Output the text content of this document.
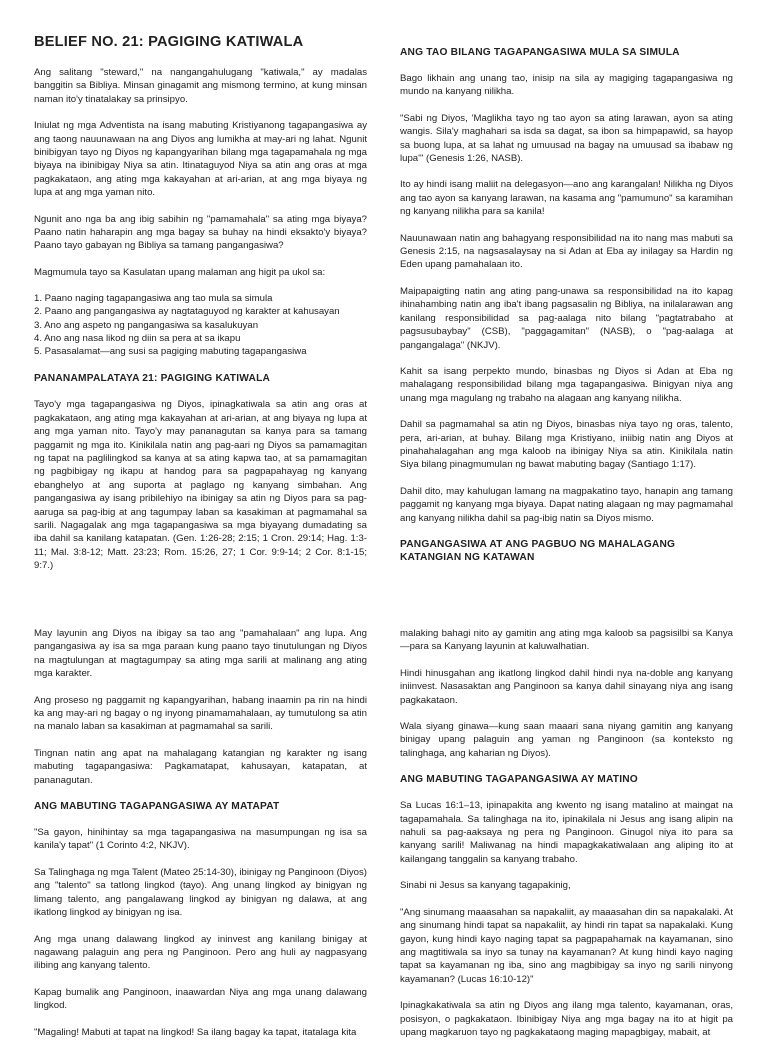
BELIEF NO. 21: PAGIGING KATIWALA

Ang salitang "steward," na nangangahulugang "katiwala," ay madalas banggitin sa Bibliya. Minsan ginagamit ang mismong termino, at kung minsan naman ito'y tinatalakay sa prinsipyo.

Iniulat ng mga Adventista na isang mabuting Kristiyanong tagapangasiwa ay ang taong nauunawaan na ang Diyos ang lumikha at may-ari ng lahat. Ngunit binibigyan tayo ng Diyos ng kapangyarihan bilang mga tagapamahala ng mga biyaya na ibinibigay Niya sa atin. Itinataguyod Niya sa atin ang oras at mga pagkakataon, ang ating mga kakayahan at ari-arian, at ang mga biyaya ng lupa at ang mga yaman nito.

Ngunit ano nga ba ang ibig sabihin ng "pamamahala" sa ating mga biyaya? Paano natin haharapin ang mga bagay sa buhay na hindi eksakto'y biyaya? Paano tayo gabayan ng Bibliya sa tamang pangangasiwa?

Magmumula tayo sa Kasulatan upang malaman ang higit pa ukol sa:

1. Paano naging tagapangasiwa ang tao mula sa simula
2. Paano ang pangangasiwa ay nagtataguyod ng karakter at kahusayan
3. Ano ang aspeto ng pangangasiwa sa kasalukuyan
4. Ano ang nasa likod ng diin sa pera at sa ikapu
5. Pasasalamat—ang susi sa pagiging mabuting tagapangasiwa
PANANAMPALATAYA 21: PAGIGING KATIWALA

Tayo'y mga tagapangasiwa ng Diyos, ipinagkatiwala sa atin ang oras at pagkakataon, ang ating mga kakayahan at ari-arian, at ang biyaya ng lupa at ang mga yaman nito. Tayo'y may pananagutan sa kanya para sa tamang paggamit ng mga ito. Kinikilala natin ang pag-aari ng Diyos sa pamamagitan ng tapat na paglilingkod sa kanya at sa ating kapwa tao, at sa pamamagitan ng pagbibigay ng ikapu at handog para sa pagpapahayag ng kanyang ebanghelyo at ang suporta at paglago ng kanyang simbahan. Ang pangangasiwa ay isang pribilehiyo na ibinigay sa atin ng Diyos para sa pag-aaruga sa pag-ibig at ang tagumpay laban sa kasakiman at pagmamahal sa sarili. Nagagalak ang mga tagapangasiwa sa mga biyayang dumadating sa iba dahil sa kanilang katapatan. (Gen. 1:26-28; 2:15; 1 Cron. 29:14; Hag. 1:3-11; Mal. 3:8-12; Matt. 23:23; Rom. 15:26, 27; 1 Cor. 9:9-14; 2 Cor. 8:1-15; 9:7.)

ANG TAO BILANG TAGAPANGASIWA MULA SA SIMULA

Bago likhain ang unang tao, inisip na sila ay magiging tagapangasiwa ng mundo na kanyang nilikha.

"Sabi ng Diyos, 'Maglikha tayo ng tao ayon sa ating larawan, ayon sa ating wangis. Sila'y maghahari sa isda sa dagat, sa ibon sa himpapawid, sa hayop sa buong lupa, at sa lahat ng umuusad na bagay na umuusad sa ibabaw ng lupa'" (Genesis 1:26, NASB).

Ito ay hindi isang maliit na delegasyon—ano ang karangalan! Nilikha ng Diyos ang tao ayon sa kanyang larawan, na kasama ang "pamumuno" sa karamihan ng kanyang nilikha para sa kanila!

Nauunawaan natin ang bahagyang responsibilidad na ito nang mas mabuti sa Genesis 2:15, na nagsasalaysay na si Adan at Eba ay inilagay sa Hardin ng Eden upang pamahalaan ito.

Maipapaigting natin ang ating pang-unawa sa responsibilidad na ito kapag ihinahambing natin ang iba't ibang pagsasalin ng Bibliya, na inilalarawan ang kanilang responsibilidad sa pag-aalaga nito bilang "pagtatrabaho at pagsusubaybay" (CSB), "paggagamitan" (NASB), o "pag-aalaga at pangangalaga" (NKJV).

Kahit sa isang perpekto mundo, binasbas ng Diyos si Adan at Eba ng mahalagang responsibilidad bilang mga tagapangasiwa. Binigyan niya ang unang mga magulang ng trabaho na alagaan ang kanyang nilikha.

Dahil sa pagmamahal sa atin ng Diyos, binasbas niya tayo ng oras, talento, pera, ari-arian, at buhay. Bilang mga Kristiyano, iniibig natin ang Diyos at pinahahalagahan ang mga kaloob na ibinigay Niya sa atin. Kinikilala natin Siya bilang pinagmumulan ng bawat mabuting bagay (Santiago 1:17).

Dahil dito, may kahulugan lamang na magpakatino tayo, hanapin ang tamang paggamit ng kanyang mga biyaya. Dapat nating alagaan ng may pagmamahal ang kanyang nilikha dahil sa pag-ibig natin sa Diyos mismo.

PANGANGASIWA AT ANG PAGBUO NG MAHALAGANG KATANGIAN NG KATAWAN

May layunin ang Diyos na ibigay sa tao ang "pamahalaan" ang lupa. Ang pangangasiwa ay isa sa mga paraan kung paano tayo tinutulungan ng Diyos na magtulungan at magtagumpay sa ating mga sarili at malinang ang ating mga karakter.

Ang proseso ng paggamit ng kapangyarihan, habang inaamin pa rin na hindi ka ang may-ari ng bagay o ng inyong pinamamahalaan, ay tumutulong sa atin na manalo laban sa kasakiman at pagmamahal sa sarili.

Tingnan natin ang apat na mahalagang katangian ng karakter ng isang mabuting tagapangasiwa: Pagkamatapat, kahusayan, katapatan, at pananagutan.

ANG MABUTING TAGAPANGASIWA AY MATAPAT

"Sa gayon, hinihintay sa mga tagapangasiwa na masumpungan ng isa sa kanila'y tapat" (1 Corinto 4:2, NKJV).

Sa Talinghaga ng mga Talent (Mateo 25:14-30), ibinigay ng Panginoon (Diyos) ang "talento" sa tatlong lingkod (tayo). Ang unang lingkod ay binigyan ng limang talento, ang pangalawang lingkod ay binigyan ng dalawa, at ang ikatlong lingkod ay binigyan ng isa.

Ang mga unang dalawang lingkod ay ininvest ang kanilang binigay at nagawang palaguin ang pera ng Panginoon. Pero ang huli ay nagpasyang ilibing ang kanyang talento.

Kapag bumalik ang Panginoon, inaawardan Niya ang mga unang dalawang lingkod.

"Magaling! Mabuti at tapat na lingkod! Sa ilang bagay ka tapat, itatalaga kita

malaking bahagi nito ay gamitin ang ating mga kaloob sa pagsisilbi sa Kanya—para sa Kanyang layunin at kaluwalhatian.

Hindi hinusgahan ang ikatlong lingkod dahil hindi nya na-doble ang kanyang iniinvest. Nasasaktan ang Panginoon sa kanya dahil sinayang niya ang isang pagkakataon.

Wala siyang ginawa—kung saan maaari sana niyang gamitin ang kanyang binigay upang palaguin ang yaman ng Panginoon (sa konteksto ng talinghaga, ang kaharian ng Diyos).

ANG MABUTING TAGAPANGASIWA AY MATINO

Sa Lucas 16:1–13, ipinapakita ang kwento ng isang matalino at maingat na tagapamahala. Sa talinghaga na ito, ipinakilala ni Jesus ang isang alipin na nahuli sa pag-aaksaya ng pera ng Panginoon. Ginugol niya ito para sa kanyang sarili! Maliwanag na hindi mapagkakatiwalaan ang aliping ito at kailangang tanggalin sa kanyang trabaho.

Sinabi ni Jesus sa kanyang tagapakinig,

"Ang sinumang maaasahan sa napakaliit, ay maaasahan din sa napakalaki. At ang sinumang hindi tapat sa napakaliit, ay hindi rin tapat sa napakalaki. Kung gayon, kung hindi kayo naging tapat sa pagpapahamak na kayamanan, sino ang magtitiwala sa inyo sa tunay na kayamanan? At kung hindi kayo naging tapat sa kayamanan ng iba, sino ang magbibigay sa inyo ng sarili ninyong kayamanan? (Lucas 16:10-12)"

Ipinagkakatiwala sa atin ng Diyos ang ilang mga talento, kayamanan, oras, posisyon, o pagkakataon. Ibinibigay Niya ang mga bagay na ito at higit pa upang magkaruon tayo ng pagkakataong maging mapagbigay, mabait, at
